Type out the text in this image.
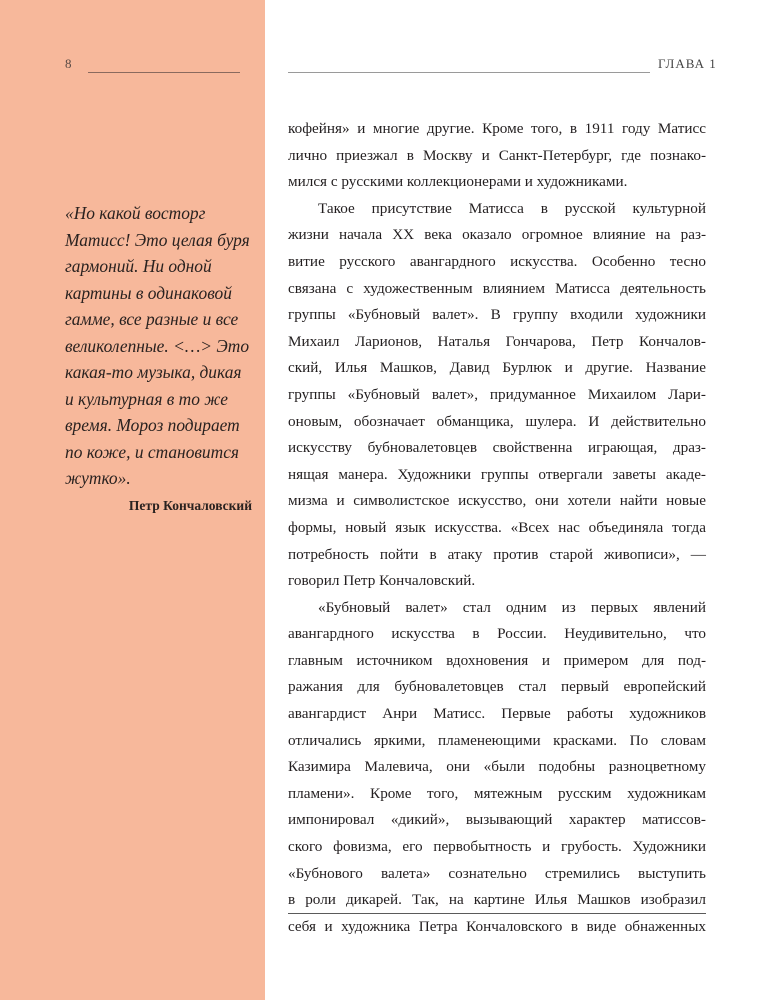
8	ГЛАВА 1
«Но какой восторг
Матисс! Это целая буря
гармоний. Ни одной
картины в одинаковой
гамме, все разные и все
великолепные. <…> Это
какая-то музыка, дикая
и культурная в то же
время. Мороз подирает
по коже, и становится
жутко».
Петр Кончаловский
кофейня» и многие другие. Кроме того, в 1911 году Матисс
лично приезжал в Москву и Санкт-Петербург, где познако-
мился с русскими коллекционерами и художниками.
Такое присутствие Матисса в русской культурной
жизни начала XX века оказало огромное влияние на раз-
витие русского авангардного искусства. Особенно тесно
связана с художественным влиянием Матисса деятельность
группы «Бубновый валет». В группу входили художники
Михаил Ларионов, Наталья Гончарова, Петр Кончалов-
ский, Илья Машков, Давид Бурлюк и другие. Название
группы «Бубновый валет», придуманное Михаилом Лари-
оновым, обозначает обманщика, шулера. И действительно
искусству бубновалетовцев свойственна играющая, драз-
нящая манера. Художники группы отвергали заветы акаде-
мизма и символистское искусство, они хотели найти новые
формы, новый язык искусства. «Всех нас объединяла тогда
потребность пойти в атаку против старой живописи», —
говорил Петр Кончаловский.
«Бубновый валет» стал одним из первых явлений
авангардного искусства в России. Неудивительно, что
главным источником вдохновения и примером для под-
ражания для бубновалетовцев стал первый европейский
авангардист Анри Матисс. Первые работы художников
отличались яркими, пламенеющими красками. По словам
Казимира Малевича, они «были подобны разноцветному
пламени». Кроме того, мятежным русским художникам
импонировал «дикий», вызывающий характер матиссов-
ского фовизма, его первобытность и грубость. Художники
«Бубнового валета» сознательно стремились выступить
в роли дикарей. Так, на картине Илья Машков изобразил
себя и художника Петра Кончаловского в виде обнаженных
